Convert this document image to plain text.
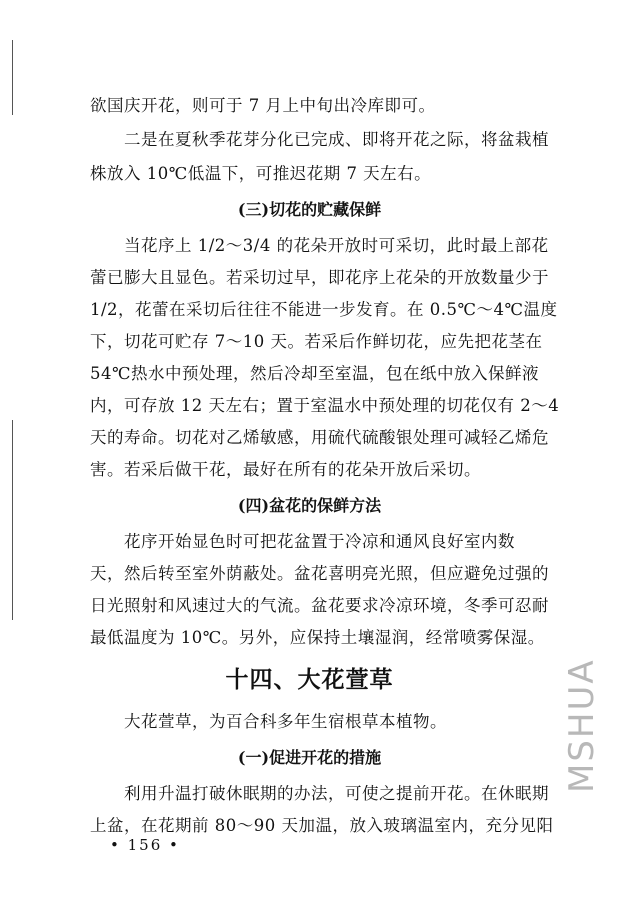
欲国庆开花，则可于 7 月上中旬出冷库即可。
二是在夏秋季花芽分化已完成、即将开花之际，将盆栽植
株放入 10℃低温下，可推迟花期 7 天左右。
(三)切花的贮藏保鲜
当花序上 1/2～3/4 的花朵开放时可采切，此时最上部花
蕾已膨大且显色。若采切过早，即花序上花朵的开放数量少于
1/2，花蕾在采切后往往不能进一步发育。在 0.5℃～4℃温度
下，切花可贮存 7～10 天。若采后作鲜切花，应先把花茎在
54℃热水中预处理，然后冷却至室温，包在纸中放入保鲜液
内，可存放 12 天左右；置于室温水中预处理的切花仅有 2～4
天的寿命。切花对乙烯敏感，用硫代硫酸银处理可减轻乙烯危
害。若采后做干花，最好在所有的花朵开放后采切。
(四)盆花的保鲜方法
花序开始显色时可把花盆置于冷凉和通风良好室内数
天，然后转至室外荫蔽处。盆花喜明亮光照，但应避免过强的
日光照射和风速过大的气流。盆花要求冷凉环境，冬季可忍耐
最低温度为 10℃。另外，应保持土壤湿润，经常喷雾保湿。
十四、大花萱草
大花萱草，为百合科多年生宿根草本植物。
(一)促进开花的措施
利用升温打破休眠期的办法，可使之提前开花。在休眠期
上盆，在花期前 80～90 天加温，放入玻璃温室内，充分见阳
• 156 •
MSHUA
